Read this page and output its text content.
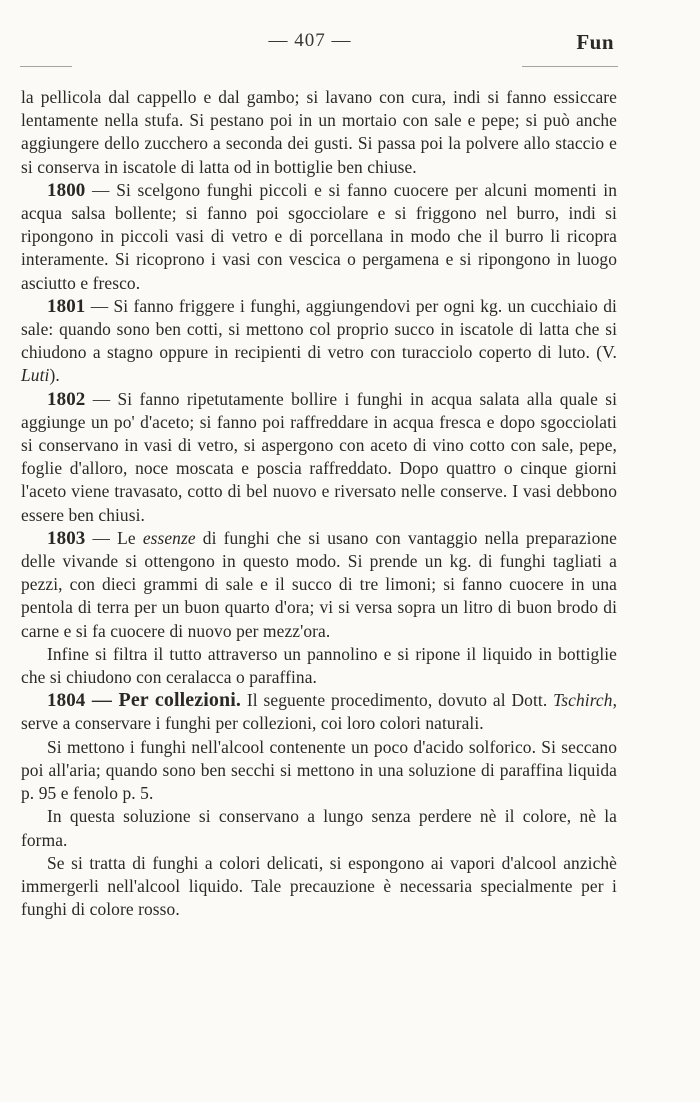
— 407 —	Fun

la pellicola dal cappello e dal gambo; si lavano con cura, indi si fanno essiccare lentamente nella stufa. Si pestano poi in un mortaio con sale e pepe; si può anche aggiungere dello zucchero a seconda dei gusti. Si passa poi la polvere allo staccio e si conserva in iscatole di latta od in bottiglie ben chiuse.

1800 — Si scelgono funghi piccoli e si fanno cuocere per alcuni momenti in acqua salsa bollente; si fanno poi sgocciolare e si friggono nel burro, indi si ripongono in piccoli vasi di vetro e di porcellana in modo che il burro li ricopra interamente. Si ricoprono i vasi con vescica o pergamena e si ripongono in luogo asciutto e fresco.

1801 — Si fanno friggere i funghi, aggiungendovi per ogni kg. un cucchiaio di sale: quando sono ben cotti, si mettono col proprio succo in iscatole di latta che si chiudono a stagno oppure in recipienti di vetro con turacciolo coperto di luto. (V. Luti).

1802 — Si fanno ripetutamente bollire i funghi in acqua salata alla quale si aggiunge un po' d'aceto; si fanno poi raffreddare in acqua fresca e dopo sgocciolati si conservano in vasi di vetro, si aspergono con aceto di vino cotto con sale, pepe, foglie d'alloro, noce moscata e poscia raffreddato. Dopo quattro o cinque giorni l'aceto viene travasato, cotto di bel nuovo e riversato nelle conserve. I vasi debbono essere ben chiusi.

1803 — Le essenze di funghi che si usano con vantaggio nella preparazione delle vivande si ottengono in questo modo. Si prende un kg. di funghi tagliati a pezzi, con dieci grammi di sale e il succo di tre limoni; si fanno cuocere in una pentola di terra per un buon quarto d'ora; vi si versa sopra un litro di buon brodo di carne e si fa cuocere di nuovo per mezz'ora.

Infine si filtra il tutto attraverso un pannolino e si ripone il liquido in bottiglie che si chiudono con ceralacca o paraffina.

1804 — Per collezioni. Il seguente procedimento, dovuto al Dott. Tschirch, serve a conservare i funghi per collezioni, coi loro colori naturali.

Si mettono i funghi nell'alcool contenente un poco d'acido solforico. Si seccano poi all'aria; quando sono ben secchi si mettono in una soluzione di paraffina liquida p. 95 e fenolo p. 5.

In questa soluzione si conservano a lungo senza perdere nè il colore, nè la forma.

Se si tratta di funghi a colori delicati, si espongono ai vapori d'alcool anzichè immergerli nell'alcool liquido. Tale precauzione è necessaria specialmente per i funghi di colore rosso.
